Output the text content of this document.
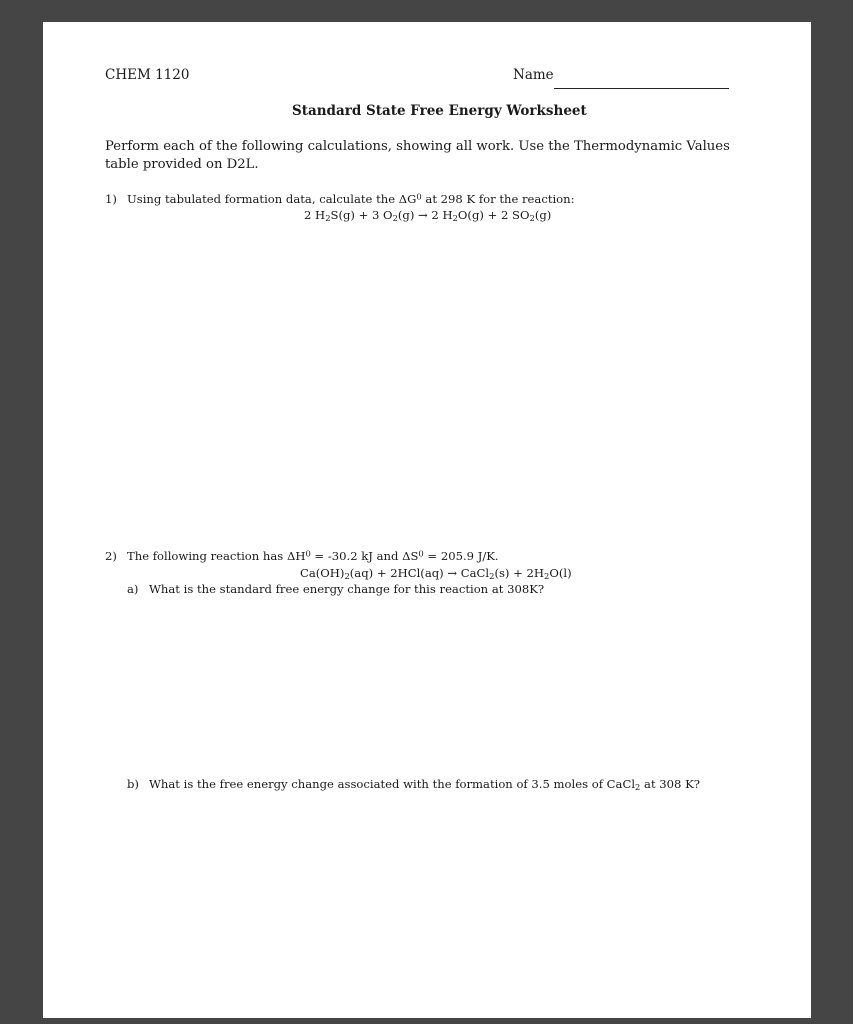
CHEM 1120	Name
Standard State Free Energy Worksheet
Perform each of the following calculations, showing all work. Use the Thermodynamic Values table provided on D2L.
1) Using tabulated formation data, calculate the $\Delta G^0$ at 298 K for the reaction:
2 $H_2S(g) + 3$ $O_2(g) \to 2$ $H_2O(g) + 2$ $SO_2(g)$
2) The following reaction has $\Delta H^0 = -30.2$ kJ and $\Delta S^0 = 205.9$ J/K.
$Ca(OH)_2(aq) + 2HCl(aq)$ → CaCl$_2$(s) + $2H_2O(l)$
a) What is the standard free energy change for this reaction at 308K?
b) What is the free energy change associated with the formation of 3.5 moles of CaCl$_2$ at 308 K?
